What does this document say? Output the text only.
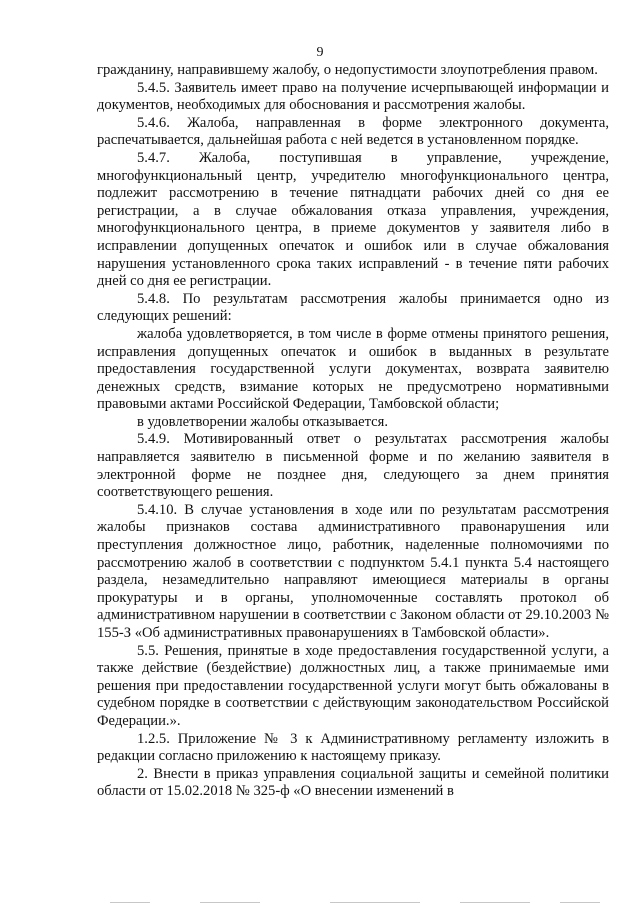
9

гражданину, направившему жалобу, о недопустимости злоупотребления правом.

5.4.5. Заявитель имеет право на получение исчерпывающей информации и документов, необходимых для обоснования и рассмотрения жалобы.

5.4.6. Жалоба, направленная в форме электронного документа, распечатывается, дальнейшая работа с ней ведется в установленном порядке.

5.4.7. Жалоба, поступившая в управление, учреждение, многофункциональный центр, учредителю многофункционального центра, подлежит рассмотрению в течение пятнадцати рабочих дней со дня ее регистрации, а в случае обжалования отказа управления, учреждения, многофункционального центра, в приеме документов у заявителя либо в исправлении допущенных опечаток и ошибок или в случае обжалования нарушения установленного срока таких исправлений - в течение пяти рабочих дней со дня ее регистрации.

5.4.8. По результатам рассмотрения жалобы принимается одно из следующих решений:

жалоба удовлетворяется, в том числе в форме отмены принятого решения, исправления допущенных опечаток и ошибок в выданных в результате предоставления государственной услуги документах, возврата заявителю денежных средств, взимание которых не предусмотрено нормативными правовыми актами Российской Федерации, Тамбовской области;

в удовлетворении жалобы отказывается.

5.4.9. Мотивированный ответ о результатах рассмотрения жалобы направляется заявителю в письменной форме и по желанию заявителя в электронной форме не позднее дня, следующего за днем принятия соответствующего решения.

5.4.10. В случае установления в ходе или по результатам рассмотрения жалобы признаков состава административного правонарушения или преступления должностное лицо, работник, наделенные полномочиями по рассмотрению жалоб в соответствии с подпунктом 5.4.1 пункта 5.4 настоящего раздела, незамедлительно направляют имеющиеся материалы в органы прокуратуры и в органы, уполномоченные составлять протокол об административном нарушении в соответствии с Законом области от 29.10.2003 № 155-З «Об административных правонарушениях в Тамбовской области».

5.5. Решения, принятые в ходе предоставления государственной услуги, а также действие (бездействие) должностных лиц, а также принимаемые ими решения при предоставлении государственной услуги могут быть обжалованы в судебном порядке в соответствии с действующим законодательством Российской Федерации.».

1.2.5. Приложение № 3 к Административному регламенту изложить в редакции согласно приложению к настоящему приказу.

2. Внести в приказ управления социальной защиты и семейной политики области от 15.02.2018 № 325-ф «О внесении изменений в
